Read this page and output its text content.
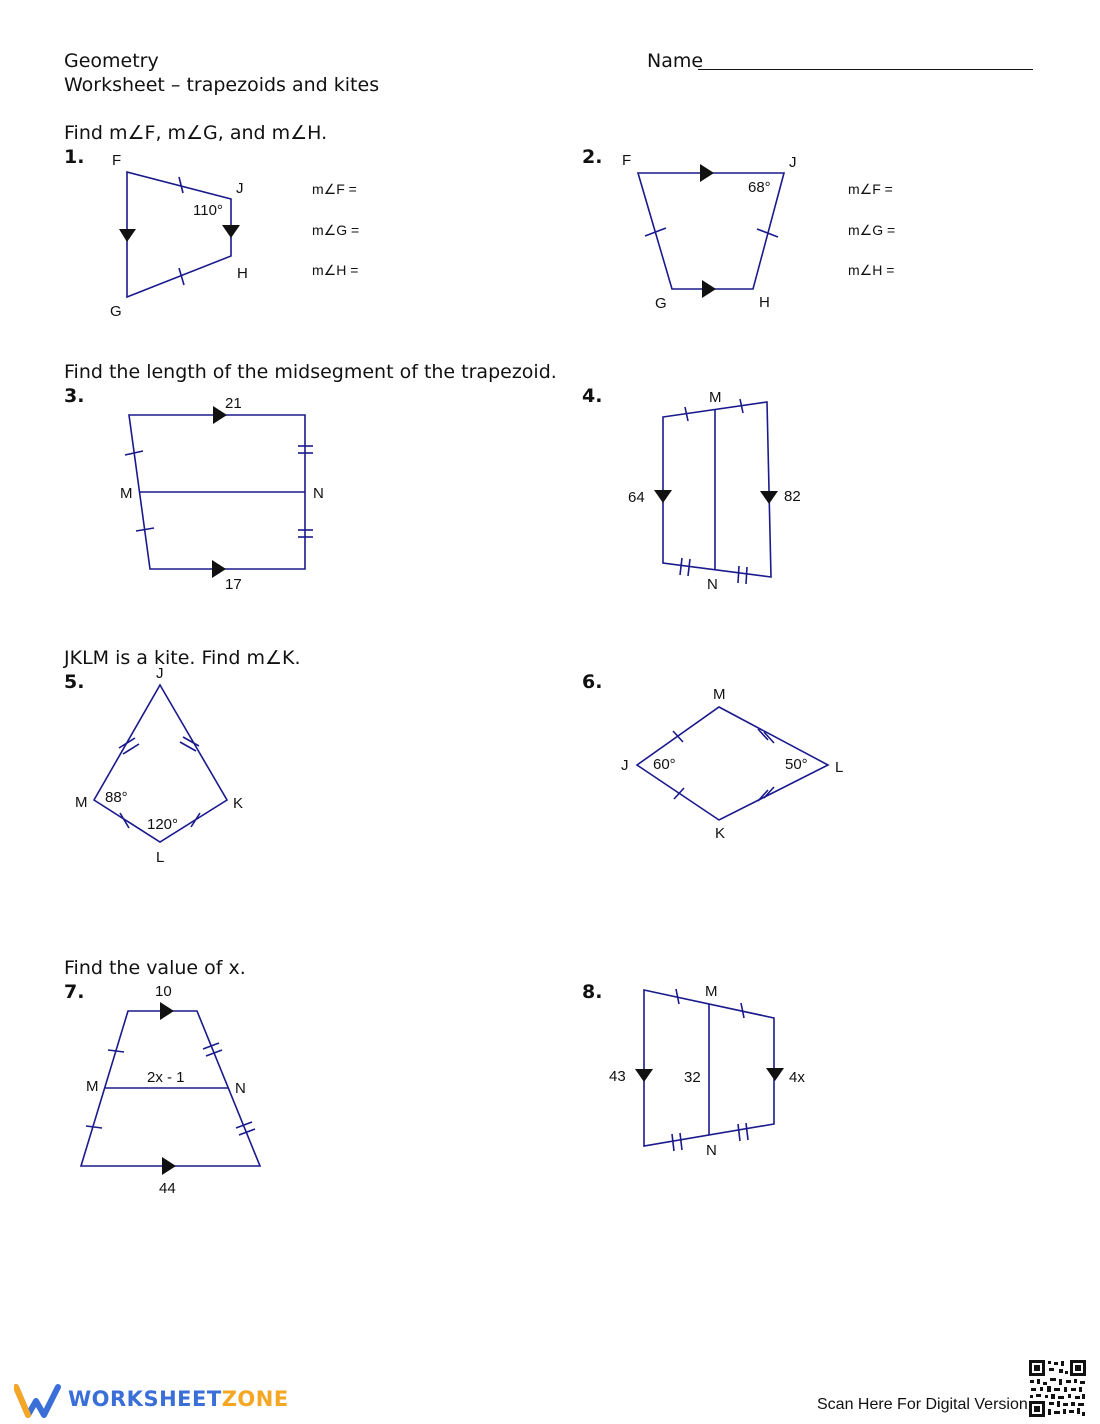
Geometry
Worksheet – trapezoids and kites
Name
Find m∠F, m∠G, and m∠H.
Find the length of the midsegment of the trapezoid.
JKLM is a kite. Find m∠K.
Find the value of x.
1.	2.
3.	4.
5.	6.
7.	8.
m∠F =
m∠G =
m∠H =
m∠F =
m∠G =
m∠H =
F
J
H
G
110°
F	J
G	H
68°
21
17
M	N
M
N
64	82
J
K
L
M 88°
120°
J
M
L
K
60°	50°
10
44
2x - 1
M	N
M
N
43	32	4x
WORKSHEETZONE	Scan Here For Digital Version
